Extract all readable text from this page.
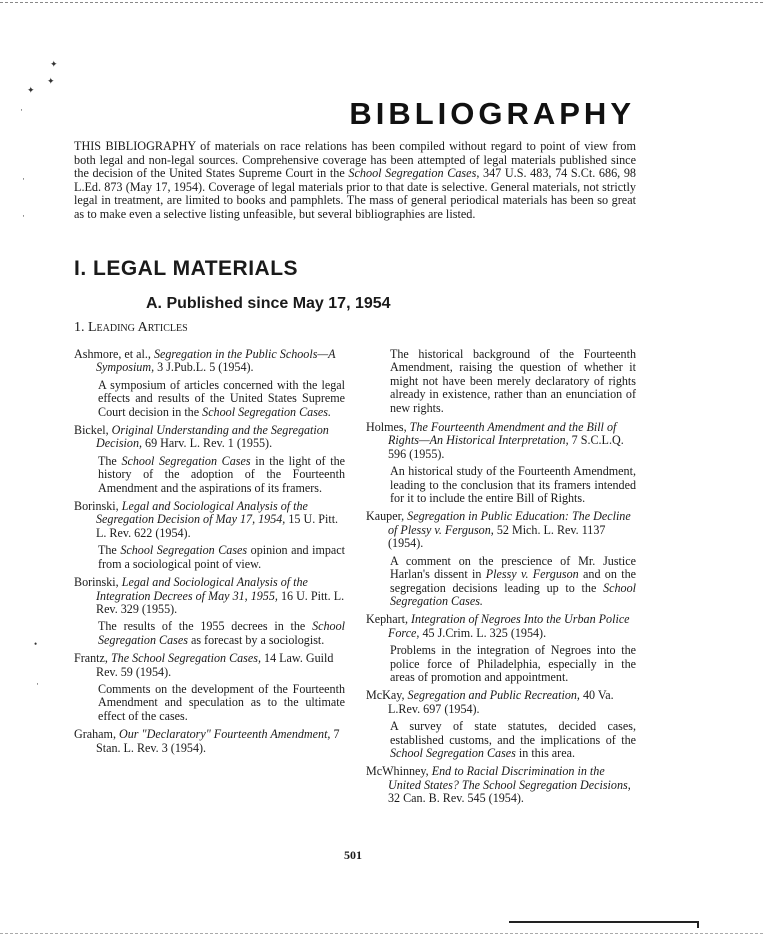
✦
✦
✦
·
·
·
•
·
BIBLIOGRAPHY

THIS BIBLIOGRAPHY of materials on race relations has been compiled without regard to point of view from both legal and non-legal sources. Comprehensive coverage has been attempted of legal materials published since the decision of the United States Supreme Court in the School Segregation Cases, 347 U.S. 483, 74 S.Ct. 686, 98 L.Ed. 873 (May 17, 1954). Coverage of legal materials prior to that date is selective. General materials, not strictly legal in treatment, are limited to books and pamphlets. The mass of general periodical materials has been so great as to make even a selective listing unfeasible, but several bibliographies are listed.

I. LEGAL MATERIALS
A. Published since May 17, 1954
1. Leading Articles
Ashmore, et al., Segregation in the Public Schools—A Symposium, 3 J.Pub.L. 5 (1954).
A symposium of articles concerned with the legal effects and results of the United States Supreme Court decision in the School Segregation Cases.
Bickel, Original Understanding and the Segregation Decision, 69 Harv. L. Rev. 1 (1955).
The School Segregation Cases in the light of the history of the adoption of the Fourteenth Amendment and the aspirations of its framers.
Borinski, Legal and Sociological Analysis of the Segregation Decision of May 17, 1954, 15 U. Pitt. L. Rev. 622 (1954).
The School Segregation Cases opinion and impact from a sociological point of view.
Borinski, Legal and Sociological Analysis of the Integration Decrees of May 31, 1955, 16 U. Pitt. L. Rev. 329 (1955).
The results of the 1955 decrees in the School Segregation Cases as forecast by a sociologist.
Frantz, The School Segregation Cases, 14 Law. Guild Rev. 59 (1954).
Comments on the development of the Fourteenth Amendment and speculation as to the ultimate effect of the cases.
Graham, Our "Declaratory" Fourteenth Amendment, 7 Stan. L. Rev. 3 (1954).
The historical background of the Fourteenth Amendment, raising the question of whether it might not have been merely declaratory of rights already in existence, rather than an enunciation of new rights.
Holmes, The Fourteenth Amendment and the Bill of Rights—An Historical Interpretation, 7 S.C.L.Q. 596 (1955).
An historical study of the Fourteenth Amendment, leading to the conclusion that its framers intended for it to include the entire Bill of Rights.
Kauper, Segregation in Public Education: The Decline of Plessy v. Ferguson, 52 Mich. L. Rev. 1137 (1954).
A comment on the prescience of Mr. Justice Harlan's dissent in Plessy v. Ferguson and on the segregation decisions leading up to the School Segregation Cases.
Kephart, Integration of Negroes Into the Urban Police Force, 45 J.Crim. L. 325 (1954).
Problems in the integration of Negroes into the police force of Philadelphia, especially in the areas of promotion and appointment.
McKay, Segregation and Public Recreation, 40 Va. L.Rev. 697 (1954).
A survey of state statutes, decided cases, established customs, and the implications of the School Segregation Cases in this area.
McWhinney, End to Racial Discrimination in the United States? The School Segregation Decisions, 32 Can. B. Rev. 545 (1954).
501
